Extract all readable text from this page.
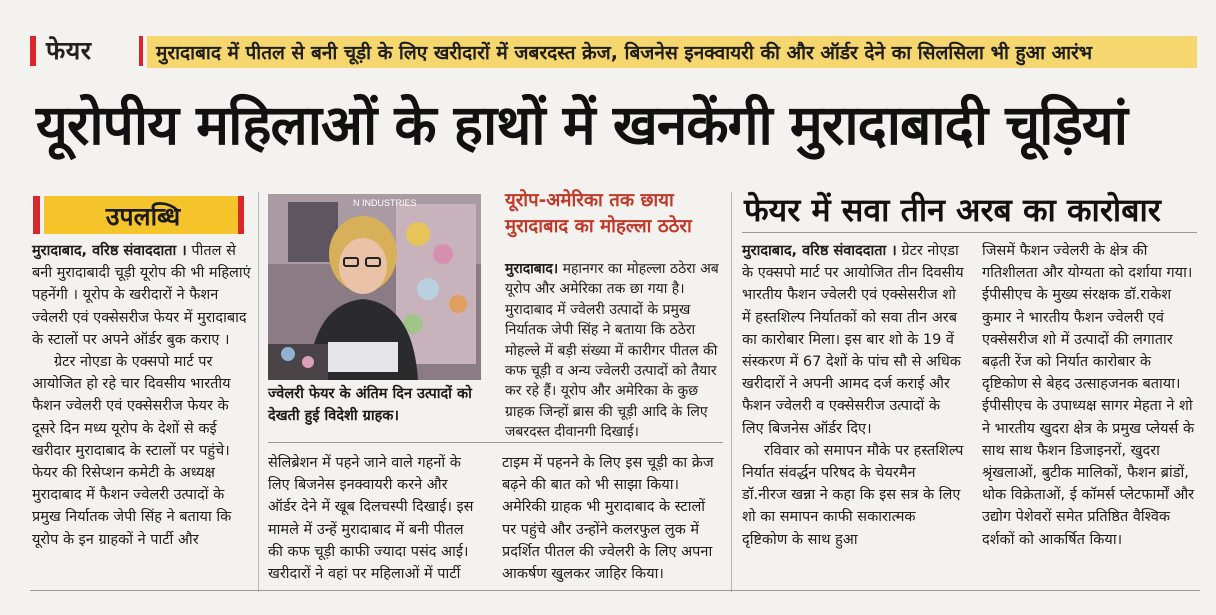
फेयर	मुरादाबाद में पीतल से बनी चूड़ी के लिए खरीदारों में जबरदस्त क्रेज, बिजनेस इनक्वायरी की और ऑर्डर देने का सिलसिला भी हुआ आरंभ
यूरोपीय महिलाओं के हाथों में खनकेंगी मुरादाबादी चूड़ियां
उपलब्धि

मुरादाबाद, वरिष्ठ संवाददाता । पीतल से बनी मुरादाबादी चूड़ी यूरोप की भी महिलाएं पहनेंगी । यूरोप के खरीदारों ने फैशन ज्वेलरी एवं एक्सेसरीज फेयर में मुरादाबाद के स्टालों पर अपने ऑर्डर बुक कराए ।

ग्रेटर नोएडा के एक्सपो मार्ट पर आयोजित हो रहे चार दिवसीय भारतीय फैशन ज्वेलरी एवं एक्सेसरीज फेयर के दूसरे दिन मध्य यूरोप के देशों से कई खरीदार मुरादाबाद के स्टालों पर पहुंचे। फेयर की रिसेप्शन कमेटी के अध्यक्ष मुरादाबाद में फैशन ज्वेलरी उत्पादों के प्रमुख निर्यातक जेपी सिंह ने बताया कि यूरोप के इन ग्राहकों ने पार्टी और

N INDUSTRIES
ज्वेलरी फेयर के अंतिम दिन उत्पादों को देखती हुई विदेशी ग्राहक।
यूरोप-अमेरिका तक छाया मुरादाबाद का मोहल्ला ठठेरा
मुरादाबाद। महानगर का मोहल्ला ठठेरा अब यूरोप और अमेरिका तक छा गया है। मुरादाबाद में ज्वेलरी उत्पादों के प्रमुख निर्यातक जेपी सिंह ने बताया कि ठठेरा मोहल्ले में बड़ी संख्या में कारीगर पीतल की कफ चूड़ी व अन्य ज्वेलरी उत्पादों को तैयार कर रहे हैं। यूरोप और अमेरिका के कुछ ग्राहक जिन्हों ब्रास की चूड़ी आदि के लिए जबरदस्त दीवानगी दिखाई।

सेलिब्रेशन में पहने जाने वाले गहनों के लिए बिजनेस इनक्वायरी करने और ऑर्डर देने में खूब दिलचस्पी दिखाई। इस मामले में उन्हें मुरादाबाद में बनी पीतल की कफ चूड़ी काफी ज्यादा पसंद आई। खरीदारों ने वहां पर महिलाओं में पार्टी

टाइम में पहनने के लिए इस चूड़ी का क्रेज बढ़ने की बात को भी साझा किया। अमेरिकी ग्राहक भी मुरादाबाद के स्टालों पर पहुंचे और उन्होंने कलरफुल लुक में प्रदर्शित पीतल की ज्वेलरी के लिए अपना आकर्षण खुलकर जाहिर किया।

फेयर में सवा तीन अरब का कारोबार

मुरादाबाद, वरिष्ठ संवाददाता । ग्रेटर नोएडा के एक्सपो मार्ट पर आयोजित तीन दिवसीय भारतीय फैशन ज्वेलरी एवं एक्सेसरीज शो में हस्तशिल्प निर्यातकों को सवा तीन अरब का कारोबार मिला। इस बार शो के 19 वें संस्करण में 67 देशों के पांच सौ से अधिक खरीदारों ने अपनी आमद दर्ज कराई और फैशन ज्वेलरी व एक्सेसरीज उत्पादों के लिए बिजनेस ऑर्डर दिए।

रविवार को समापन मौके पर हस्तशिल्प निर्यात संवर्द्धन परिषद के चेयरमैन डॉ.नीरज खन्ना ने कहा कि इस सत्र के लिए शो का समापन काफी सकारात्मक दृष्टिकोण के साथ हुआ

जिसमें फैशन ज्वेलरी के क्षेत्र की गतिशीलता और योग्यता को दर्शाया गया।ईपीसीएच के मुख्य संरक्षक डॉ.राकेश कुमार ने भारतीय फैशन ज्वेलरी एवं एक्सेसरीज शो में उत्पादों की लगातार बढ़ती रेंज को निर्यात कारोबार के दृष्टिकोण से बेहद उत्साहजनक बताया।ईपीसीएच के उपाध्यक्ष सागर मेहता ने शो ने भारतीय खुदरा क्षेत्र के प्रमुख प्लेयर्स के साथ साथ फैशन डिजाइनरों, खुदरा श्रृंखलाओं, बुटीक मालिकों, फैशन ब्रांडों, थोक विक्रेताओं, ई कॉमर्स प्लेटफार्मों और उद्योग पेशेवरों समेत प्रतिष्ठित वैश्विक दर्शकों को आकर्षित किया।
